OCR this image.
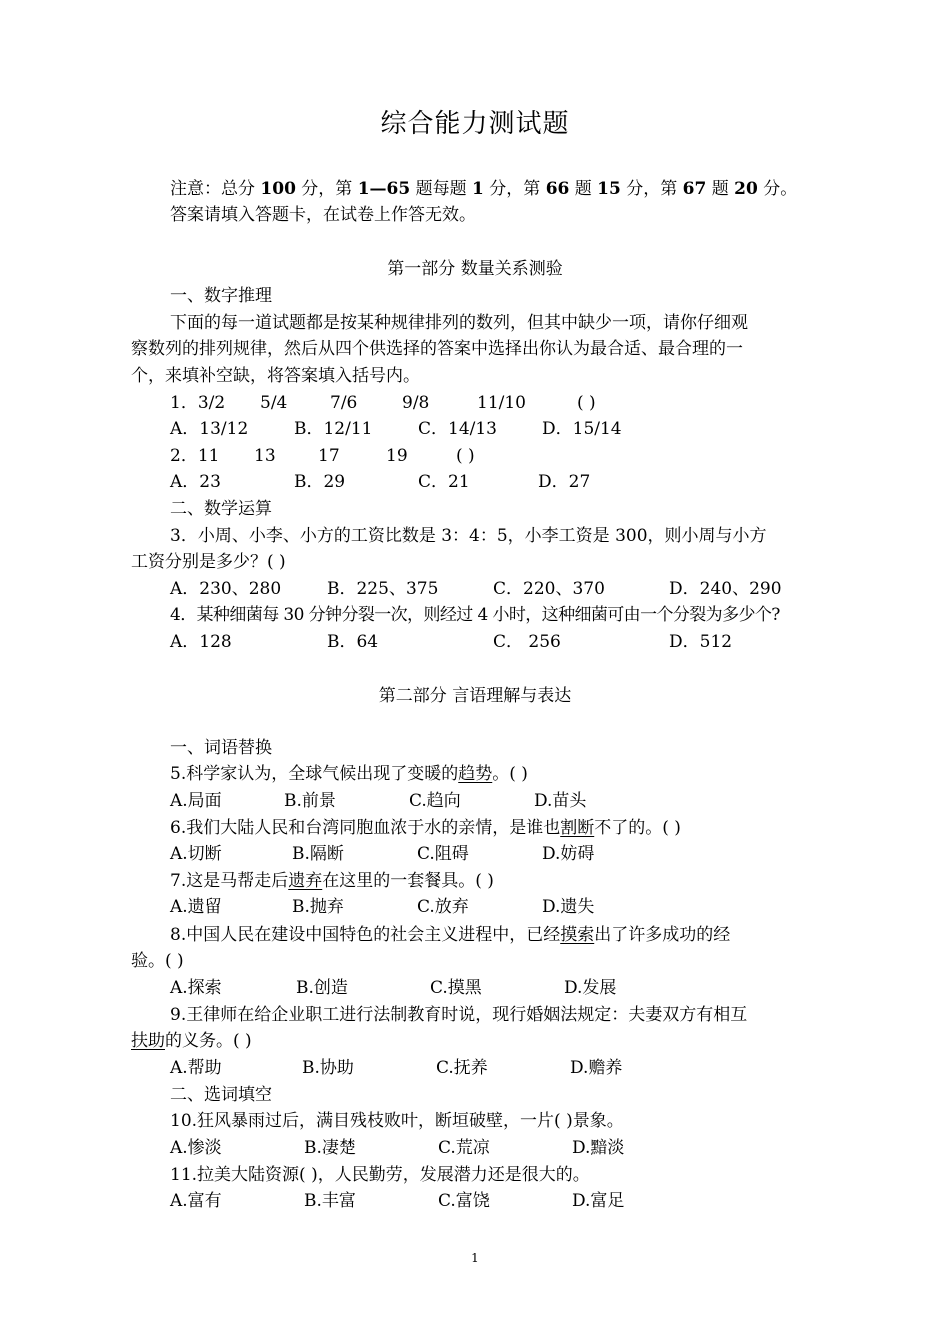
综合能力测试题
注意：总分 100 分，第 1—65 题每题 1 分，第 66 题 15 分，第 67 题 20 分。
答案请填入答题卡，在试卷上作答无效。
第一部分 数量关系测验
一、数字推理
下面的每一道试题都是按某种规律排列的数列，但其中缺少一项，请你仔细观
察数列的排列规律，然后从四个供选择的答案中选择出你认为最合适、最合理的一
个，来填补空缺，将答案填入括号内。
1．3/2 5/4	7/6	9/8	11/10	( )
A．13/12	B．12/11	C．14/13	D．15/14
2．11 13 17	19	( )
A．23	B．29	C．21	D．27
二、数学运算
3．小周、小李、小方的工资比数是 3：4：5，小李工资是 300，则小周与小方
工资分别是多少？( )
A．230、280	B．225、375	C．220、370	D．240、290
4．某种细菌每 30 分钟分裂一次，则经过 4 小时，这种细菌可由一个分裂为多少个?
A．128	B．64	C． 256	D．512
第二部分 言语理解与表达
一、词语替换
5.科学家认为，全球气候出现了变暖的趋势。( )
A.局面	B.前景	C.趋向	D.苗头
6.我们大陆人民和台湾同胞血浓于水的亲情，是谁也割断不了的。( )
A.切断	B.隔断	C.阻碍	D.妨碍
7.这是马帮走后遗弃在这里的一套餐具。( )
A.遗留	B.抛弃	C.放弃	D.遗失
8.中国人民在建设中国特色的社会主义进程中，已经摸索出了许多成功的经
验。( )
A.探索	B.创造	C.摸黑	D.发展
9.王律师在给企业职工进行法制教育时说，现行婚姻法规定：夫妻双方有相互
扶助的义务。( )
A.帮助	B.协助	C.抚养	D.赡养
二、选词填空
10.狂风暴雨过后，满目残枝败叶，断垣破壁，一片( )景象。
A.惨淡	B.凄楚	C.荒凉	D.黯淡
11.拉美大陆资源( )，人民勤劳，发展潜力还是很大的。
A.富有	B.丰富	C.富饶	D.富足
1
